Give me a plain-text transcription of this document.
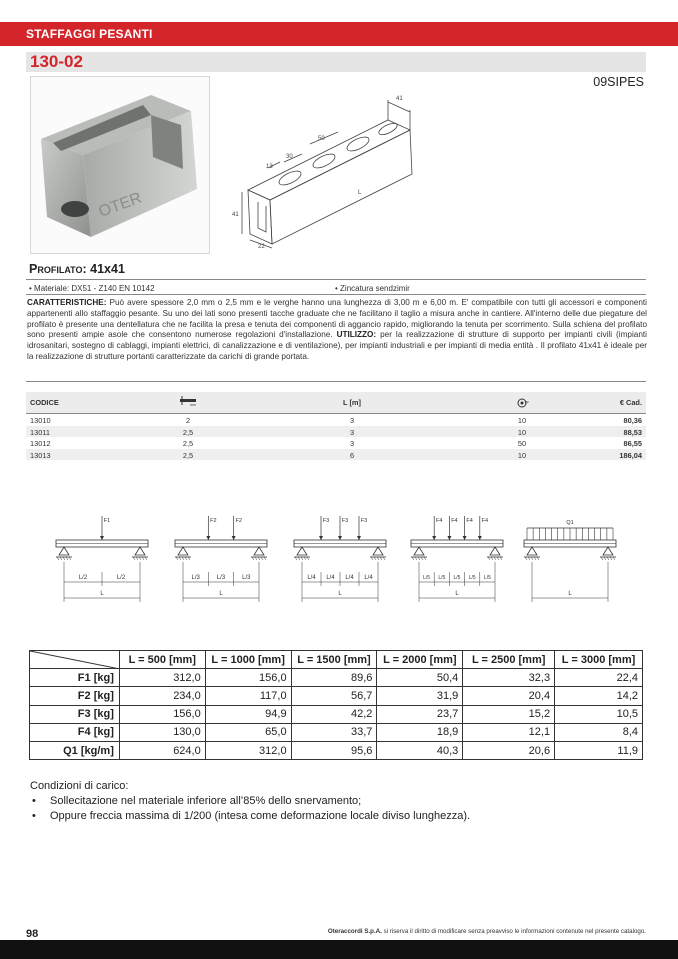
STAFFAGGI PESANTI
130-02
09SIPES
OTER
41
41
50
30
13
22
L
Profilato: 41x41
• Materiale: DX51 - Z140 EN 10142	• Zincatura sendzimir
CARATTERISTICHE: Può avere spessore 2,0 mm o 2,5 mm e le verghe hanno una lunghezza di 3,00 m e 6,00 m. E' compatibile con tutti gli accessori e componenti appartenenti allo staffaggio pesante. Su uno dei lati sono presenti tacche graduate che ne facilitano il taglio a misura anche in cantiere. All'interno delle due piegature del profilato è presente una dentellatura che ne facilita la presa e tenuta dei componenti di aggancio rapido, migliorando la tenuta per scorrimento. Sulla schiena del profilato sono presenti ampie asole che consentono numerose regolazioni d'installazione. UTILIZZO: per la realizzazione di strutture di supporto per impianti civili (impianti idrosanitari, sostegno di cablaggi, impianti elettrici, di canalizzazione e di ventilazione), per impianti industriali e per impianti di media entità . Il profilato 41x41 è ideale per la realizzazione di strutture portanti caratterizzate da carichi di grande portata.
CODICE	mm	L [m]	pz	€ Cad.
13010	2	3	10	80,36
13011	2,5	3	10	88,53
13012	2,5	3	50	86,55
13013	2,5	6	10	186,04
F1
L/2	L/2
L
F2	F2
L/3	L/3	L/3
L
F3 F3 F3
L/4 L/4 L/4 L/4
L
F4 F4 F4 F4
L/5 L/5 L/5 L/5 L/5
L
Q1
L
	L = 500 [mm]	L = 1000 [mm]	L = 1500 [mm]	L = 2000 [mm]	L = 2500 [mm]	L = 3000 [mm]
F1 [kg]	312,0	156,0	89,6	50,4	32,3	22,4
F2 [kg]	234,0	117,0	56,7	31,9	20,4	14,2
F3 [kg]	156,0	94,9	42,2	23,7	15,2	10,5
F4 [kg]	130,0	65,0	33,7	18,9	12,1	8,4
Q1 [kg/m]	624,0	312,0	95,6	40,3	20,6	11,9
Condizioni di carico:
• Sollecitazione nel materiale inferiore all’85% dello snervamento;
• Oppure freccia massima di 1/200 (intesa come deformazione locale diviso lunghezza).
98	Oteraccordi S.p.A. si riserva il diritto di modificare senza preavviso le informazioni contenute nel presente catalogo.
